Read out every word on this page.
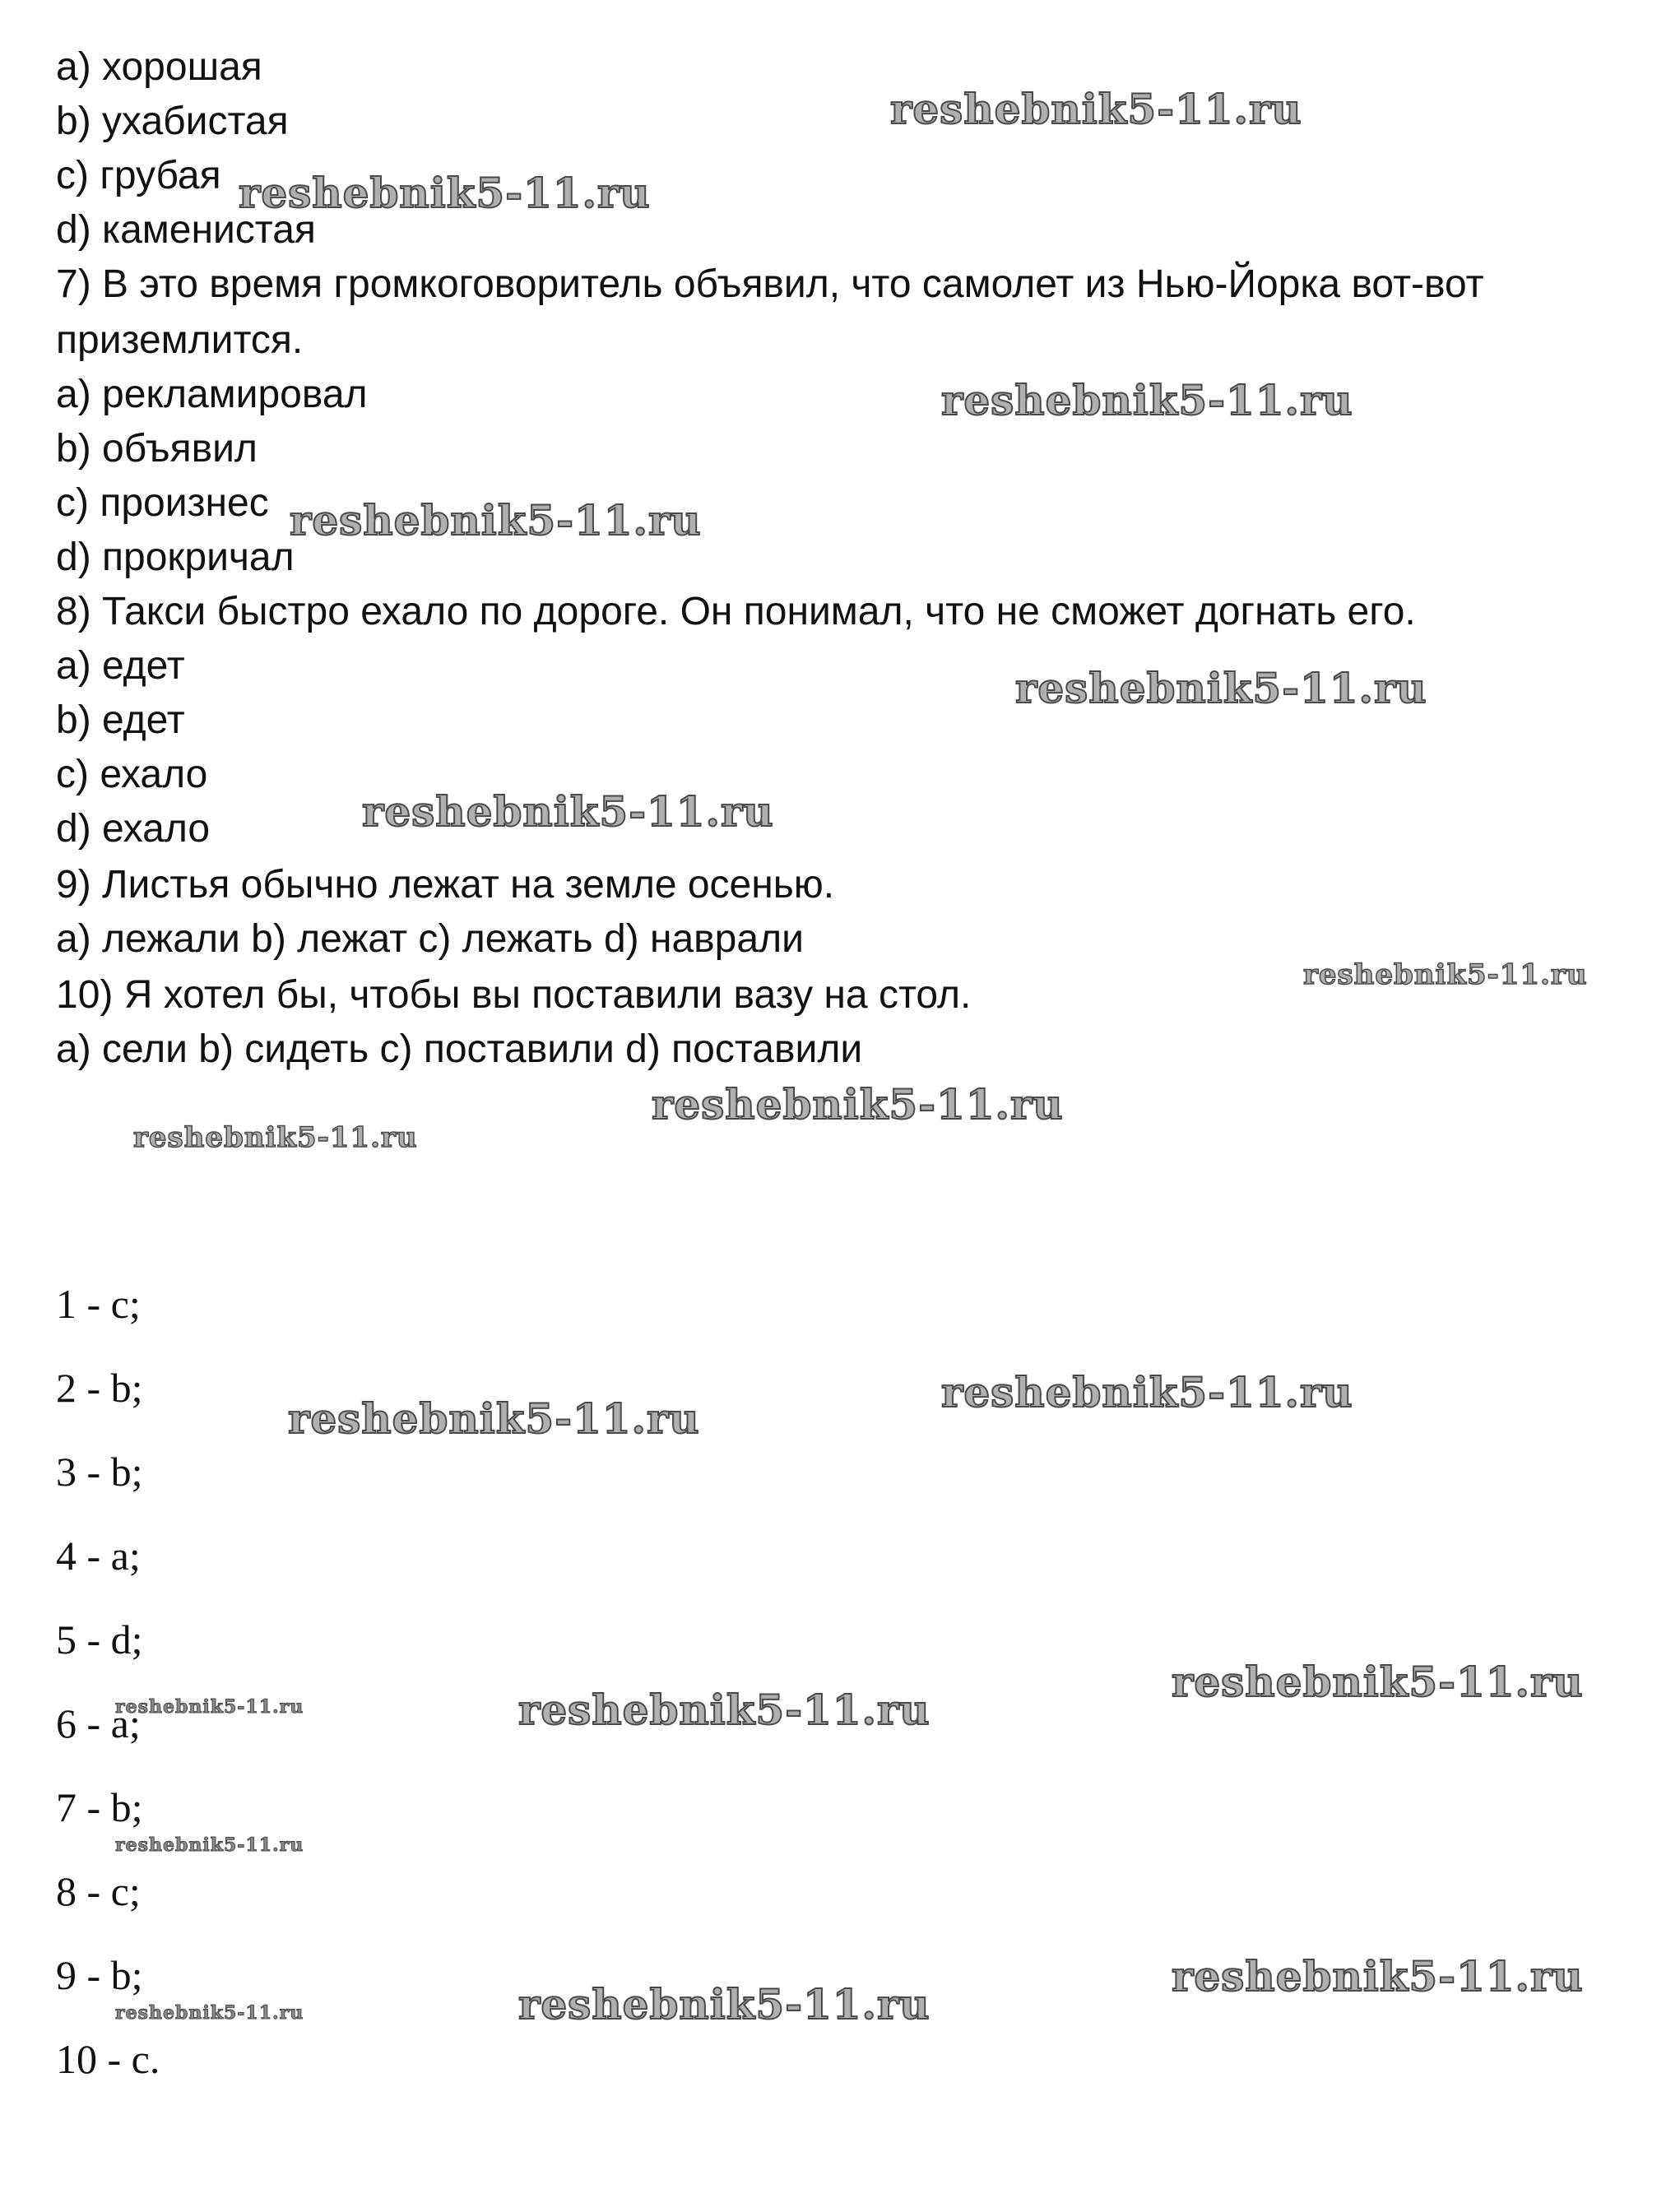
a) хорошая
b) ухабистая
c) грубая
d) каменистая
7) В это время громкоговоритель объявил, что самолет из Нью-Йорка вот-вот
приземлится.
a) рекламировал
b) объявил
c) произнес
d) прокричал
8) Такси быстро ехало по дороге. Он понимал, что не сможет догнать его.
a) едет
b) едет
c) ехало
d) ехало
9) Листья обычно лежат на земле осенью.
a) лежали b) лежат c) лежать d) наврали
10) Я хотел бы, чтобы вы поставили вазу на стол.
a) сели b) сидеть c) поставили d) поставили
1 - c;
2 - b;
3 - b;
4 - a;
5 - d;
6 - a;
7 - b;
8 - c;
9 - b;
10 - c.
reshebnik5-11.ru
reshebnik5-11.ru
reshebnik5-11.ru
reshebnik5-11.ru
reshebnik5-11.ru
reshebnik5-11.ru
reshebnik5-11.ru
reshebnik5-11.ru
reshebnik5-11.ru
reshebnik5-11.ru
reshebnik5-11.ru
reshebnik5-11.ru
reshebnik5-11.ru
reshebnik5-11.ru
reshebnik5-11.ru
reshebnik5-11.ru
reshebnik5-11.ru
reshebnik5-11.ru
